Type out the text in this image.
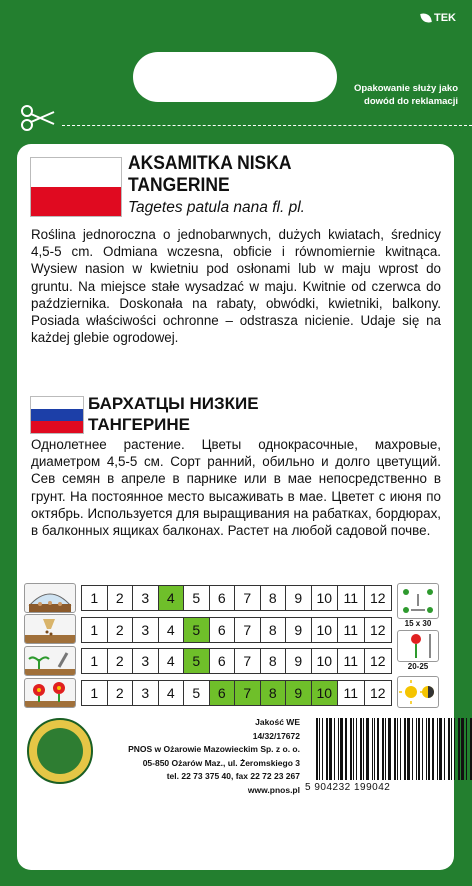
TEK
Opakowanie służy jako dowód do reklamacji
AKSAMITKA NISKA
TANGERINE
Tagetes patula nana fl. pl.
Roślina jednoroczna o jednobarwnych, dużych kwiatach, średnicy 4,5-5 cm. Odmiana wczesna, obficie i równomiernie kwitnąca. Wysiew nasion w kwietniu pod osłonami lub w maju wprost do gruntu. Na miejsce stałe wysadzać w maju. Kwitnie od czerwca do października. Doskonała na rabaty, obwódki, kwietniki, balkony. Posiada właściwości ochronne – odstrasza nicienie. Udaje się na każdej glebie ogrodowej.
БАРХАТЦЫ НИЗКИЕ
ТАНГЕРИНЕ
Однолетнее растение. Цветы однокрасочные, махровые, диаметром 4,5-5 см. Сорт ранний, обильно и долго цветущий. Сев семян в апреле в парнике или в мае непосредственно в грунт. На постоянное место высаживать в мае. Цветет с июня по октябрь. Используется для выращивания на рабатках, бордюрах, в балконных ящиках балконах. Растет на любой садовой почве.
1	2	3	4	5	6	7	8	9	10 11 12
1	2	3	4	5	6	7	8	9	10 11 12
1	2	3	4	5	6	7	8	9	10 11 12
1	2	3	4	5	6	7	8	9	10 11 12
15 x 30
20-25
Jakość WE
14/32/17672
PNOS w Ożarowie Mazowieckim Sp. z o. o.
05-850 Ożarów Maz., ul. Żeromskiego 3
tel. 22 73 375 40, fax 22 72 23 267
www.pnos.pl 5 904232 199042
